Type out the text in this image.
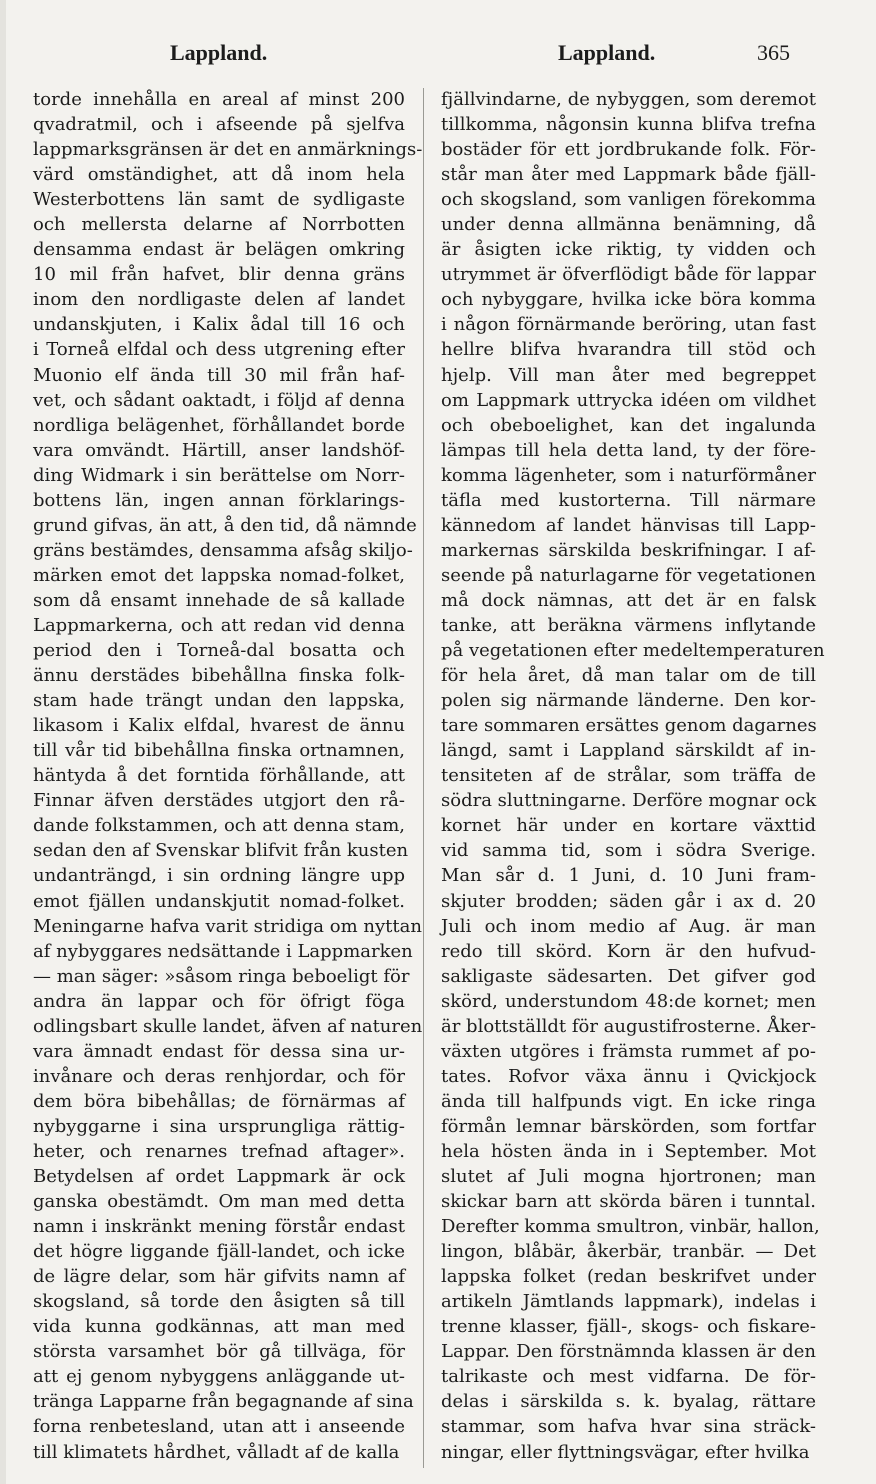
Lappland.	Lappland.	365
torde innehålla en areal af minst 200
qvadratmil, och i afseende på sjelfva
lappmarksgränsen är det en anmärknings-
värd omständighet, att då inom hela
Westerbottens län samt de sydligaste
och mellersta delarne af Norrbotten
densamma endast är belägen omkring
10 mil från hafvet, blir denna gräns
inom den nordligaste delen af landet
undanskjuten, i Kalix ådal till 16 och
i Torneå elfdal och dess utgrening efter
Muonio elf ända till 30 mil från haf-
vet, och sådant oaktadt, i följd af denna
nordliga belägenhet, förhållandet borde
vara omvändt. Härtill, anser landshöf-
ding Widmark i sin berättelse om Norr-
bottens län, ingen annan förklarings-
grund gifvas, än att, å den tid, då nämnde
gräns bestämdes, densamma afsåg skiljo-
märken emot det lappska nomad-folket,
som då ensamt innehade de så kallade
Lappmarkerna, och att redan vid denna
period den i Torneå-dal bosatta och
ännu derstädes bibehållna finska folk-
stam hade trängt undan den lappska,
likasom i Kalix elfdal, hvarest de ännu
till vår tid bibehållna finska ortnamnen,
häntyda å det forntida förhållande, att
Finnar äfven derstädes utgjort den rå-
dande folkstammen, och att denna stam,
sedan den af Svenskar blifvit från kusten
undanträngd, i sin ordning längre upp
emot fjällen undanskjutit nomad-folket.
Meningarne hafva varit stridiga om nyttan
af nybyggares nedsättande i Lappmarken
— man säger: »såsom ringa beboeligt för
andra än lappar och för öfrigt föga
odlingsbart skulle landet, äfven af naturen
vara ämnadt endast för dessa sina ur-
invånare och deras renhjordar, och för
dem böra bibehållas; de förnärmas af
nybyggarne i sina ursprungliga rättig-
heter, och renarnes trefnad aftager».
Betydelsen af ordet Lappmark är ock
ganska obestämdt. Om man med detta
namn i inskränkt mening förstår endast
det högre liggande fjäll-landet, och icke
de lägre delar, som här gifvits namn af
skogsland, så torde den åsigten så till
vida kunna godkännas, att man med
största varsamhet bör gå tillväga, för
att ej genom nybyggens anläggande ut-
tränga Lapparne från begagnande af sina
forna renbetesland, utan att i anseende
till klimatets hårdhet, vålladt af de kalla
fjällvindarne, de nybyggen, som deremot
tillkomma, någonsin kunna blifva trefna
bostäder för ett jordbrukande folk. För-
står man åter med Lappmark både fjäll-
och skogsland, som vanligen förekomma
under denna allmänna benämning, då
är åsigten icke riktig, ty vidden och
utrymmet är öfverflödigt både för lappar
och nybyggare, hvilka icke böra komma
i någon förnärmande beröring, utan fast
hellre blifva hvarandra till stöd och
hjelp. Vill man åter med begreppet
om Lappmark uttrycka idéen om vildhet
och obeboelighet, kan det ingalunda
lämpas till hela detta land, ty der före-
komma lägenheter, som i naturförmåner
täfla med kustorterna. Till närmare
kännedom af landet hänvisas till Lapp-
markernas särskilda beskrifningar. I af-
seende på naturlagarne för vegetationen
må dock nämnas, att det är en falsk
tanke, att beräkna värmens inflytande
på vegetationen efter medeltemperaturen
för hela året, då man talar om de till
polen sig närmande länderne. Den kor-
tare sommaren ersättes genom dagarnes
längd, samt i Lappland särskildt af in-
tensiteten af de strålar, som träffa de
södra sluttningarne. Derföre mognar ock
kornet här under en kortare växttid
vid samma tid, som i södra Sverige.
Man sår d. 1 Juni, d. 10 Juni fram-
skjuter brodden; säden går i ax d. 20
Juli och inom medio af Aug. är man
redo till skörd. Korn är den hufvud-
sakligaste sädesarten. Det gifver god
skörd, understundom 48:de kornet; men
är blottställdt för augustifrosterne. Åker-
växten utgöres i främsta rummet af po-
tates. Rofvor växa ännu i Qvickjock
ända till halfpunds vigt. En icke ringa
förmån lemnar bärskörden, som fortfar
hela hösten ända in i September. Mot
slutet af Juli mogna hjortronen; man
skickar barn att skörda bären i tunntal.
Derefter komma smultron, vinbär, hallon,
lingon, blåbär, åkerbär, tranbär. — Det
lappska folket (redan beskrifvet under
artikeln Jämtlands lappmark), indelas i
trenne klasser, fjäll-, skogs- och fiskare-
Lappar. Den förstnämnda klassen är den
talrikaste och mest vidfarna. De för-
delas i särskilda s. k. byalag, rättare
stammar, som hafva hvar sina sträck-
ningar, eller flyttningsvägar, efter hvilka
